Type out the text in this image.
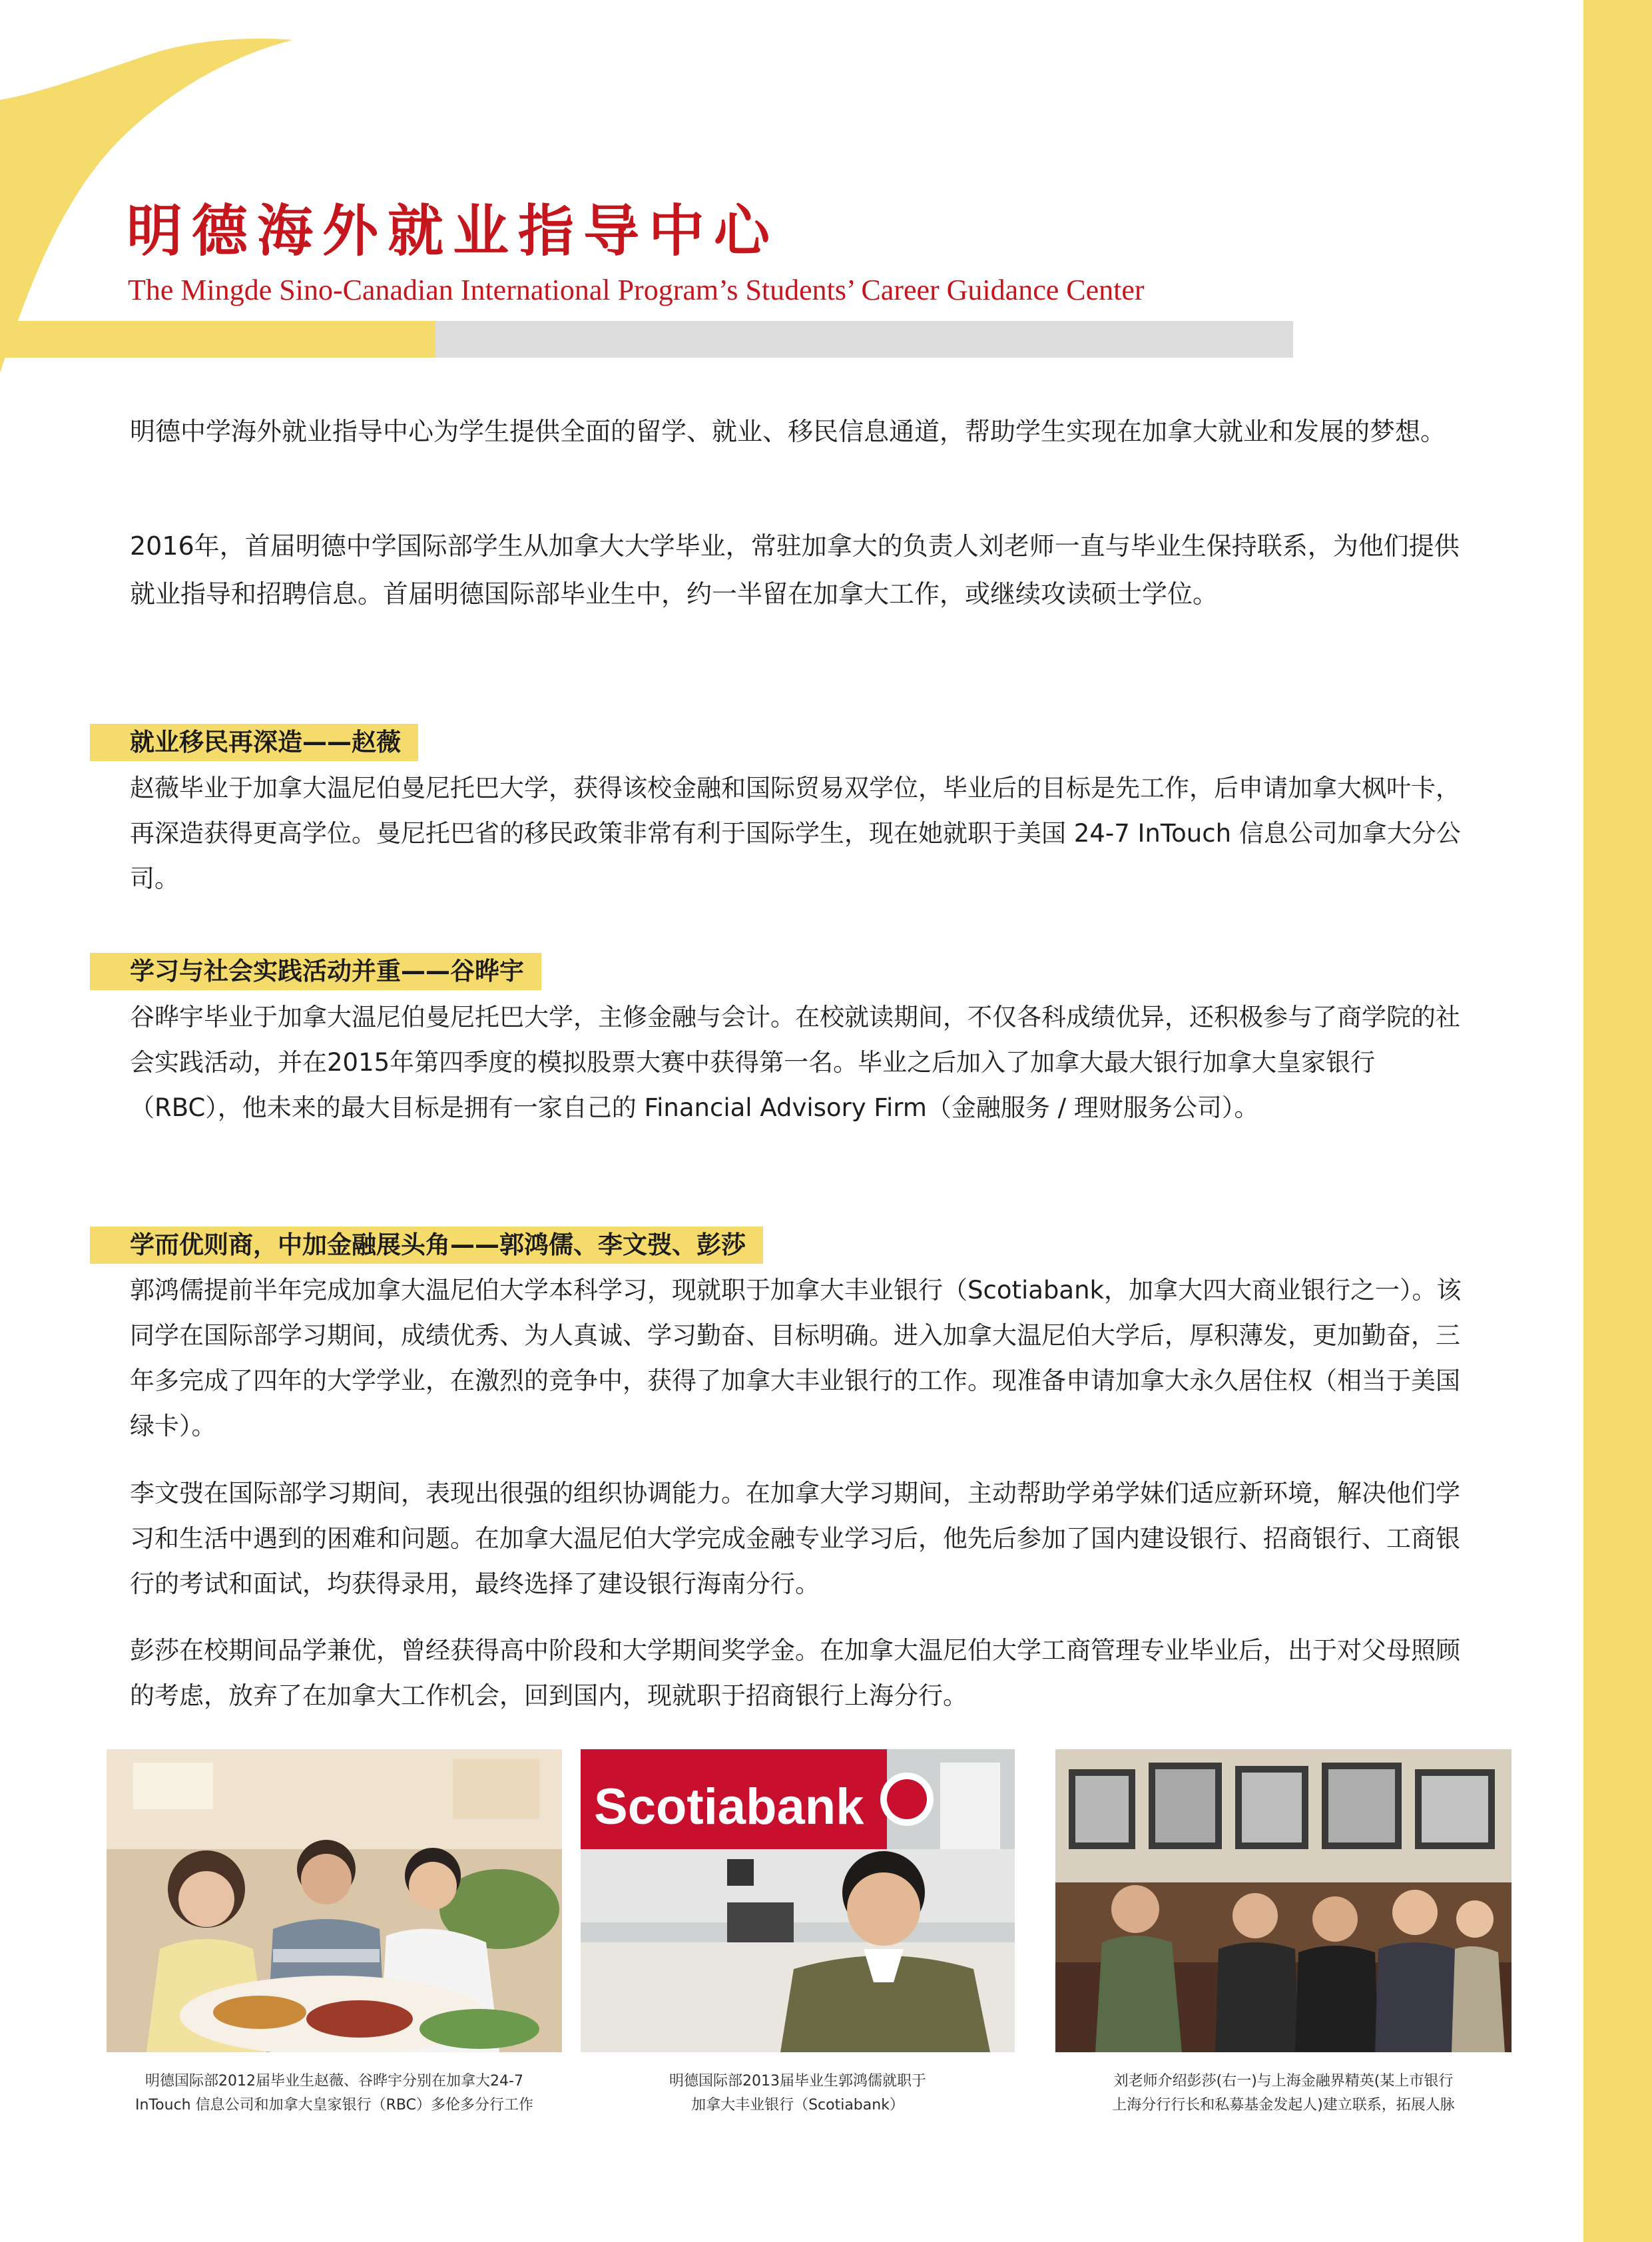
明德海外就业指导中心

The Mingde Sino-Canadian International Program’s Students’ Career Guidance Center

明德中学海外就业指导中心为学生提供全面的留学、就业、移民信息通道，帮助学生实现在加拿大就业和发展的梦想。

2016年，首届明德中学国际部学生从加拿大大学毕业，常驻加拿大的负责人刘老师一直与毕业生保持联系，为他们提供就业指导和招聘信息。首届明德国际部毕业生中，约一半留在加拿大工作，或继续攻读硕士学位。

就业移民再深造——赵薇

赵薇毕业于加拿大温尼伯曼尼托巴大学，获得该校金融和国际贸易双学位，毕业后的目标是先工作，后申请加拿大枫叶卡，再深造获得更高学位。曼尼托巴省的移民政策非常有利于国际学生，现在她就职于美国 24-7 InTouch 信息公司加拿大分公司。

学习与社会实践活动并重——谷晔宇

谷晔宇毕业于加拿大温尼伯曼尼托巴大学，主修金融与会计。在校就读期间，不仅各科成绩优异，还积极参与了商学院的社会实践活动，并在2015年第四季度的模拟股票大赛中获得第一名。毕业之后加入了加拿大最大银行加拿大皇家银行（RBC），他未来的最大目标是拥有一家自己的 Financial Advisory Firm（金融服务 / 理财服务公司）。

学而优则商，中加金融展头角——郭鸿儒、李文弢、彭莎

郭鸿儒提前半年完成加拿大温尼伯大学本科学习，现就职于加拿大丰业银行（Scotiabank，加拿大四大商业银行之一）。该同学在国际部学习期间，成绩优秀、为人真诚、学习勤奋、目标明确。进入加拿大温尼伯大学后，厚积薄发，更加勤奋，三年多完成了四年的大学学业，在激烈的竞争中，获得了加拿大丰业银行的工作。现准备申请加拿大永久居住权（相当于美国绿卡）。

李文弢在国际部学习期间，表现出很强的组织协调能力。在加拿大学习期间，主动帮助学弟学妹们适应新环境，解决他们学习和生活中遇到的困难和问题。在加拿大温尼伯大学完成金融专业学习后，他先后参加了国内建设银行、招商银行、工商银行的考试和面试，均获得录用，最终选择了建设银行海南分行。

彭莎在校期间品学兼优，曾经获得高中阶段和大学期间奖学金。在加拿大温尼伯大学工商管理专业毕业后，出于对父母照顾的考虑，放弃了在加拿大工作机会，回到国内，现就职于招商银行上海分行。

Scotiabank
明德国际部2012届毕业生赵薇、谷晔宇分别在加拿大24-7
InTouch 信息公司和加拿大皇家银行（RBC）多伦多分行工作
明德国际部2013届毕业生郭鸿儒就职于
加拿大丰业银行（Scotiabank）
刘老师介绍彭莎(右一)与上海金融界精英(某上市银行
上海分行行长和私募基金发起人)建立联系，拓展人脉
